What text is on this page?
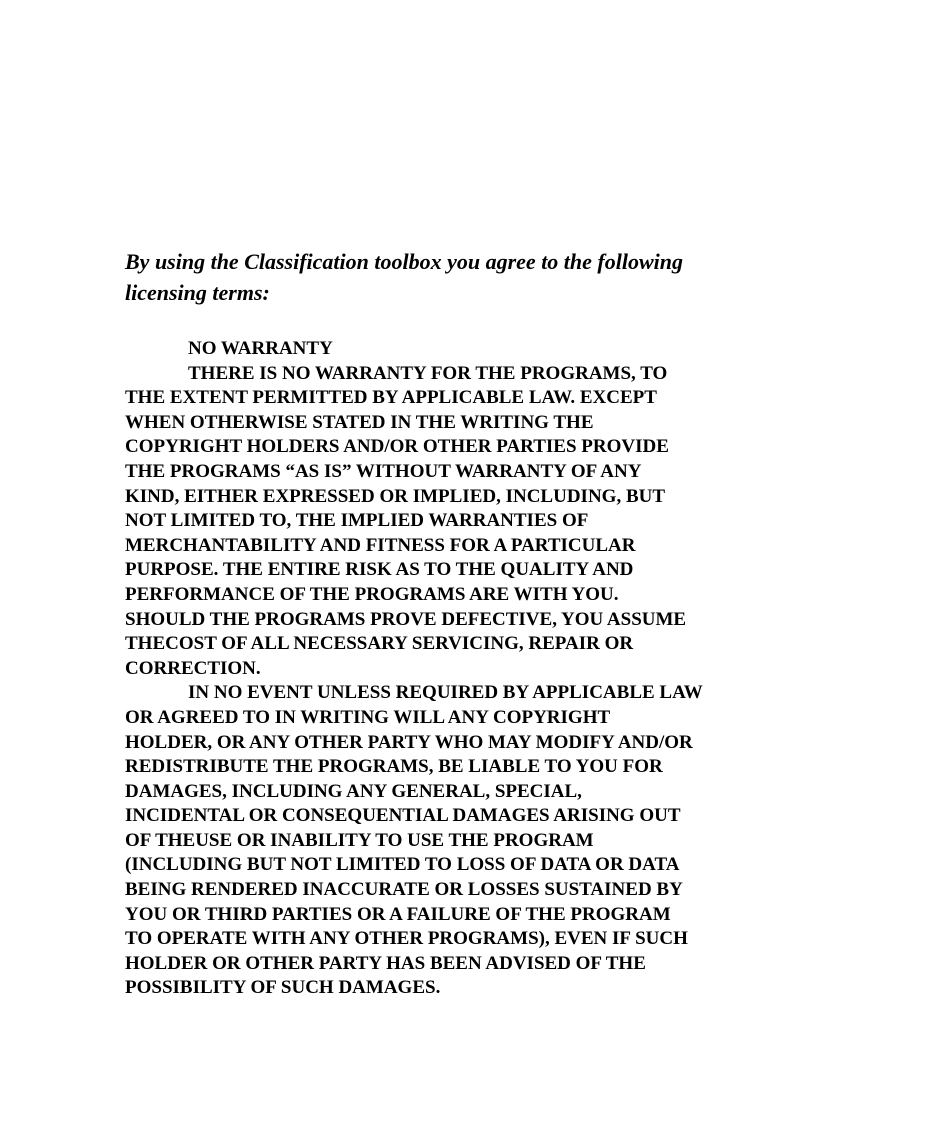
By using the Classification toolbox you agree to the following
licensing terms:

NO WARRANTY

THERE IS NO WARRANTY FOR THE PROGRAMS, TO

THE EXTENT PERMITTED BY APPLICABLE LAW. EXCEPT

WHEN OTHERWISE STATED IN THE WRITING THE

COPYRIGHT HOLDERS AND/OR OTHER PARTIES PROVIDE

THE PROGRAMS “AS IS” WITHOUT WARRANTY OF ANY

KIND, EITHER EXPRESSED OR IMPLIED, INCLUDING, BUT

NOT LIMITED TO, THE IMPLIED WARRANTIES OF

MERCHANTABILITY AND FITNESS FOR A PARTICULAR

PURPOSE. THE ENTIRE RISK AS TO THE QUALITY AND

PERFORMANCE OF THE PROGRAMS ARE WITH YOU.

SHOULD THE PROGRAMS PROVE DEFECTIVE, YOU ASSUME

THECOST OF ALL NECESSARY SERVICING, REPAIR OR

CORRECTION.

IN NO EVENT UNLESS REQUIRED BY APPLICABLE LAW

OR AGREED TO IN WRITING WILL ANY COPYRIGHT

HOLDER, OR ANY OTHER PARTY WHO MAY MODIFY AND/OR

REDISTRIBUTE THE PROGRAMS, BE LIABLE TO YOU FOR

DAMAGES, INCLUDING ANY GENERAL, SPECIAL,

INCIDENTAL OR CONSEQUENTIAL DAMAGES ARISING OUT

OF THEUSE OR INABILITY TO USE THE PROGRAM

(INCLUDING BUT NOT LIMITED TO LOSS OF DATA OR DATA

BEING RENDERED INACCURATE OR LOSSES SUSTAINED BY

YOU OR THIRD PARTIES OR A FAILURE OF THE PROGRAM

TO OPERATE WITH ANY OTHER PROGRAMS), EVEN IF SUCH

HOLDER OR OTHER PARTY HAS BEEN ADVISED OF THE

POSSIBILITY OF SUCH DAMAGES.
